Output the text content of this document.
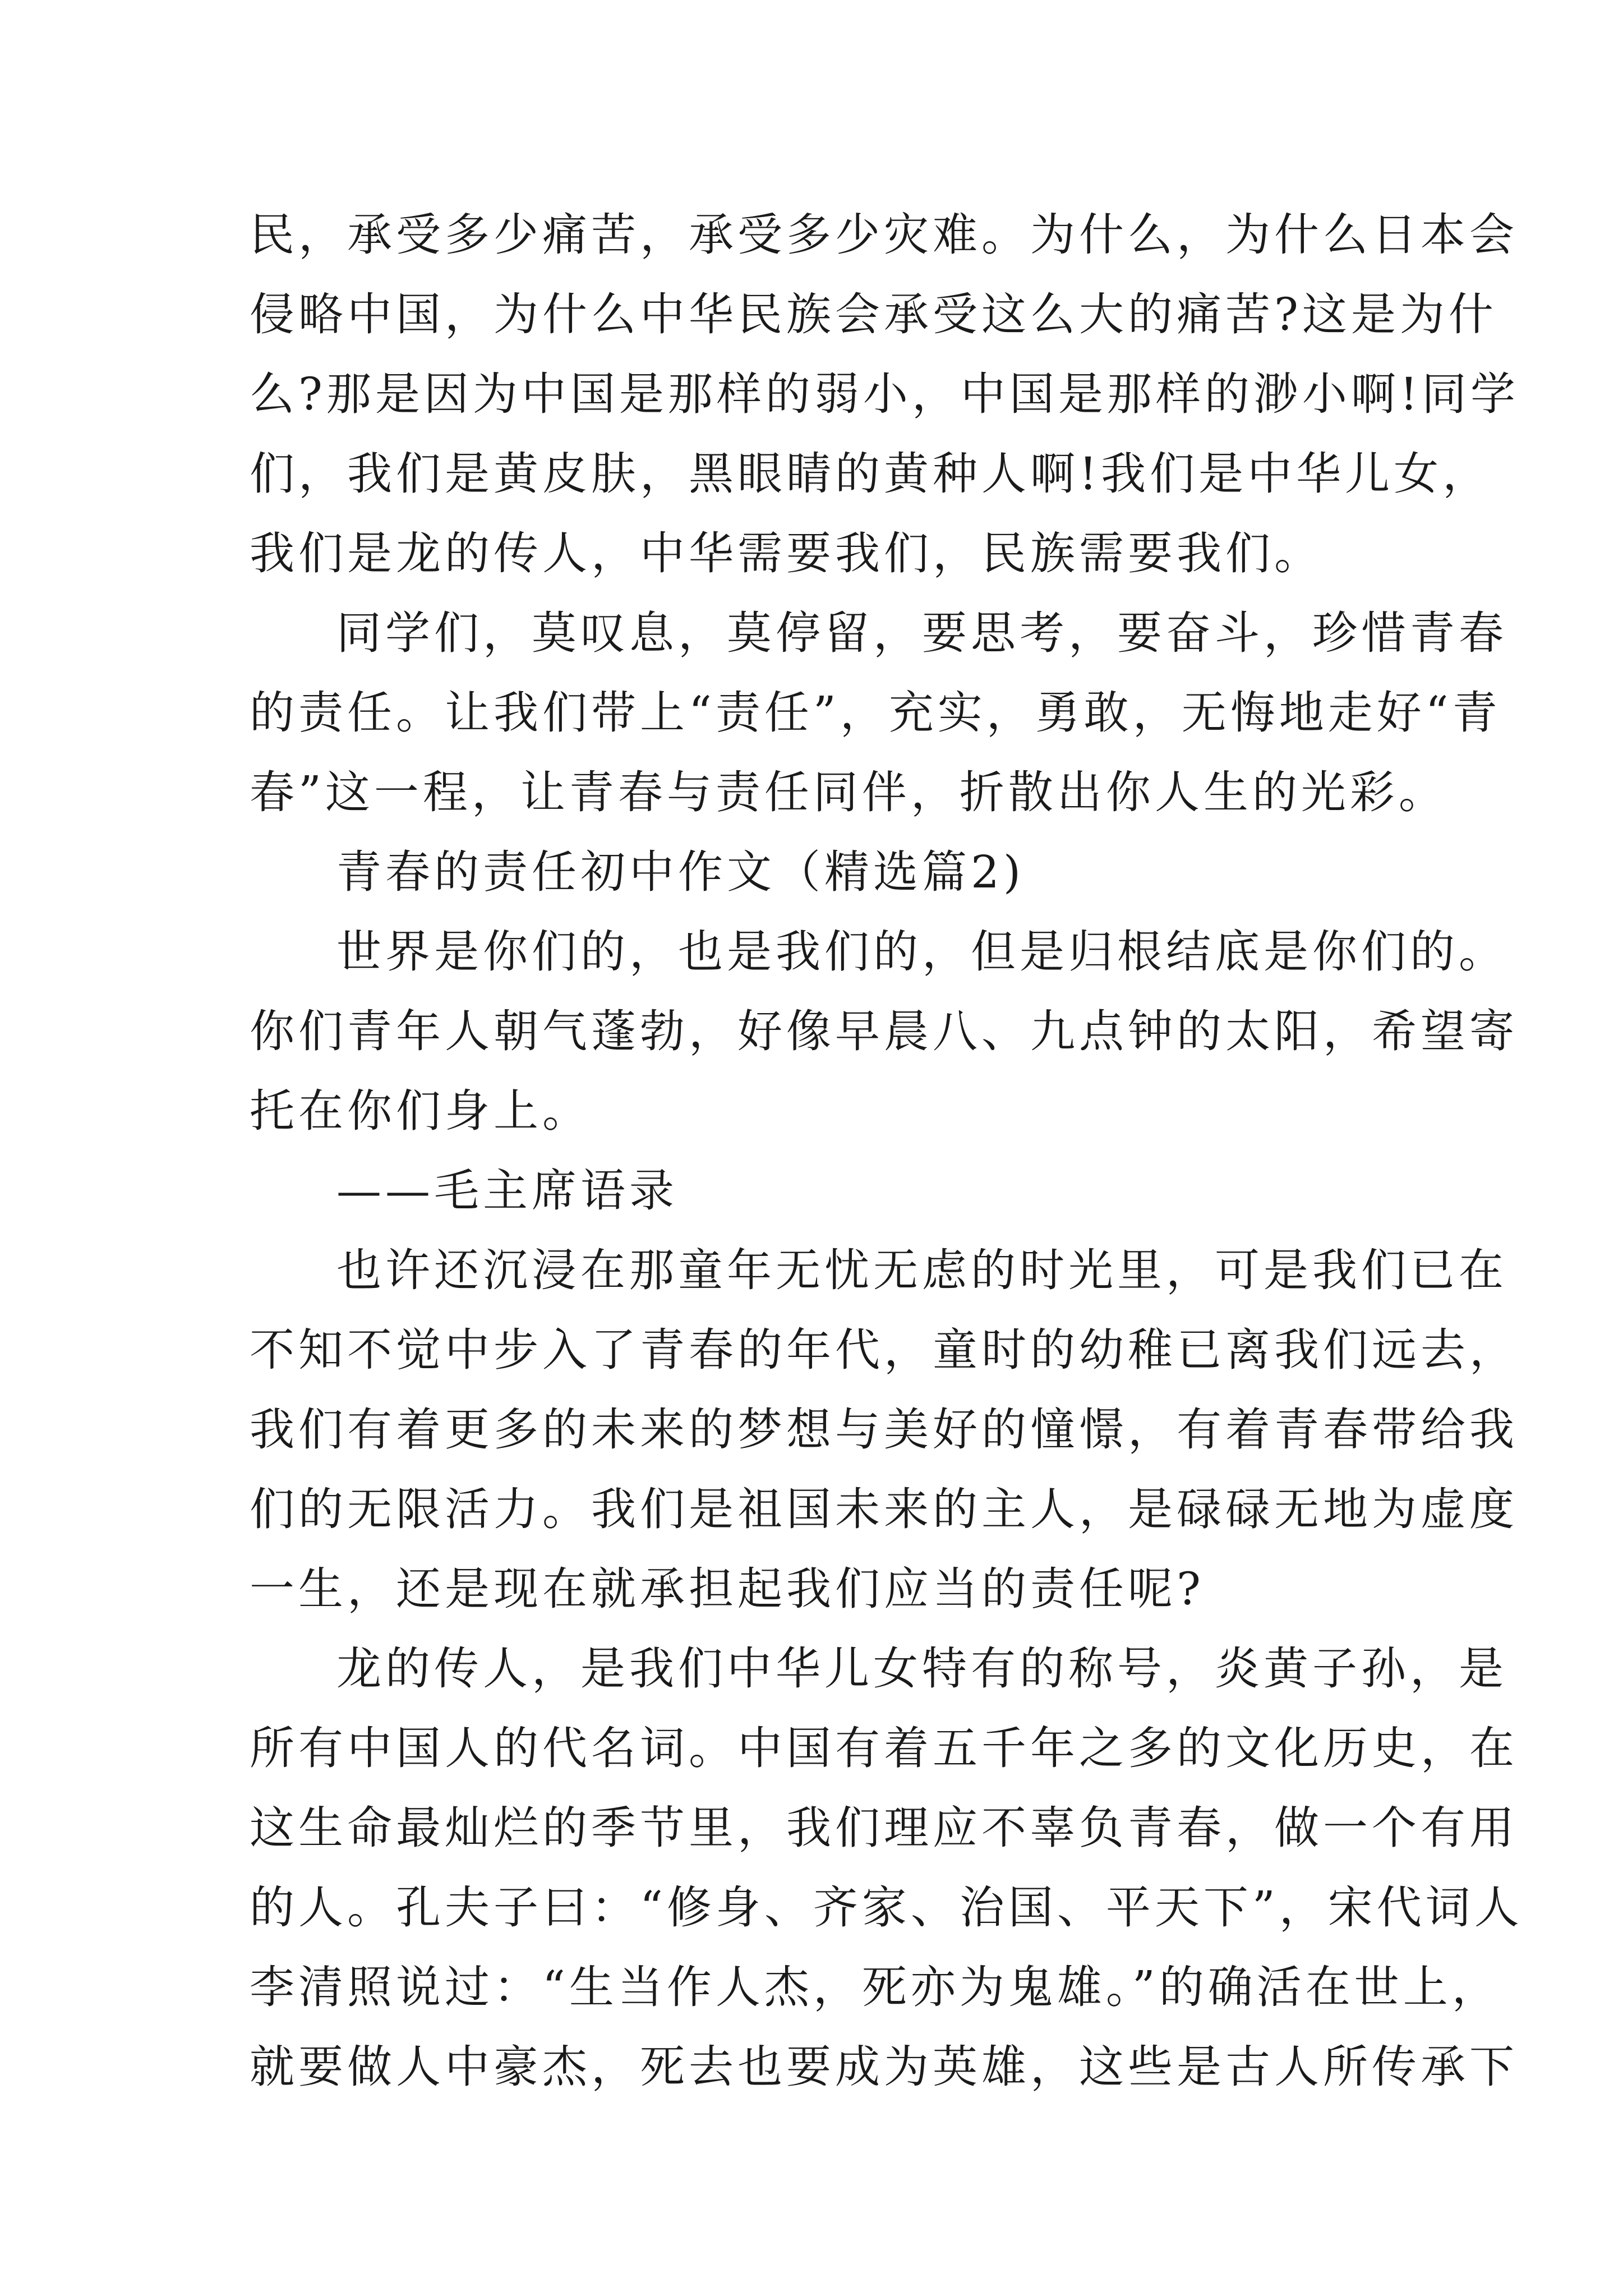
民，承受多少痛苦，承受多少灾难。为什么，为什么日本会
侵略中国，为什么中华民族会承受这么大的痛苦?这是为什
么?那是因为中国是那样的弱小，中国是那样的渺小啊!同学
们，我们是黄皮肤，黑眼睛的黄种人啊!我们是中华儿女，
我们是龙的传人，中华需要我们，民族需要我们。
同学们，莫叹息，莫停留，要思考，要奋斗，珍惜青春
的责任。让我们带上“责任”，充实，勇敢，无悔地走好“青
春”这一程，让青春与责任同伴，折散出你人生的光彩。
青春的责任初中作文（精选篇2)
世界是你们的，也是我们的，但是归根结底是你们的。
你们青年人朝气蓬勃，好像早晨八、九点钟的太阳，希望寄
托在你们身上。
——毛主席语录
也许还沉浸在那童年无忧无虑的时光里，可是我们已在
不知不觉中步入了青春的年代，童时的幼稚已离我们远去，
我们有着更多的未来的梦想与美好的憧憬，有着青春带给我
们的无限活力。我们是祖国未来的主人，是碌碌无地为虚度
一生，还是现在就承担起我们应当的责任呢?
龙的传人，是我们中华儿女特有的称号，炎黄子孙，是
所有中国人的代名词。中国有着五千年之多的文化历史，在
这生命最灿烂的季节里，我们理应不辜负青春，做一个有用
的人。孔夫子曰：“修身、齐家、治国、平天下”，宋代词人
李清照说过：“生当作人杰，死亦为鬼雄。”的确活在世上，
就要做人中豪杰，死去也要成为英雄，这些是古人所传承下
